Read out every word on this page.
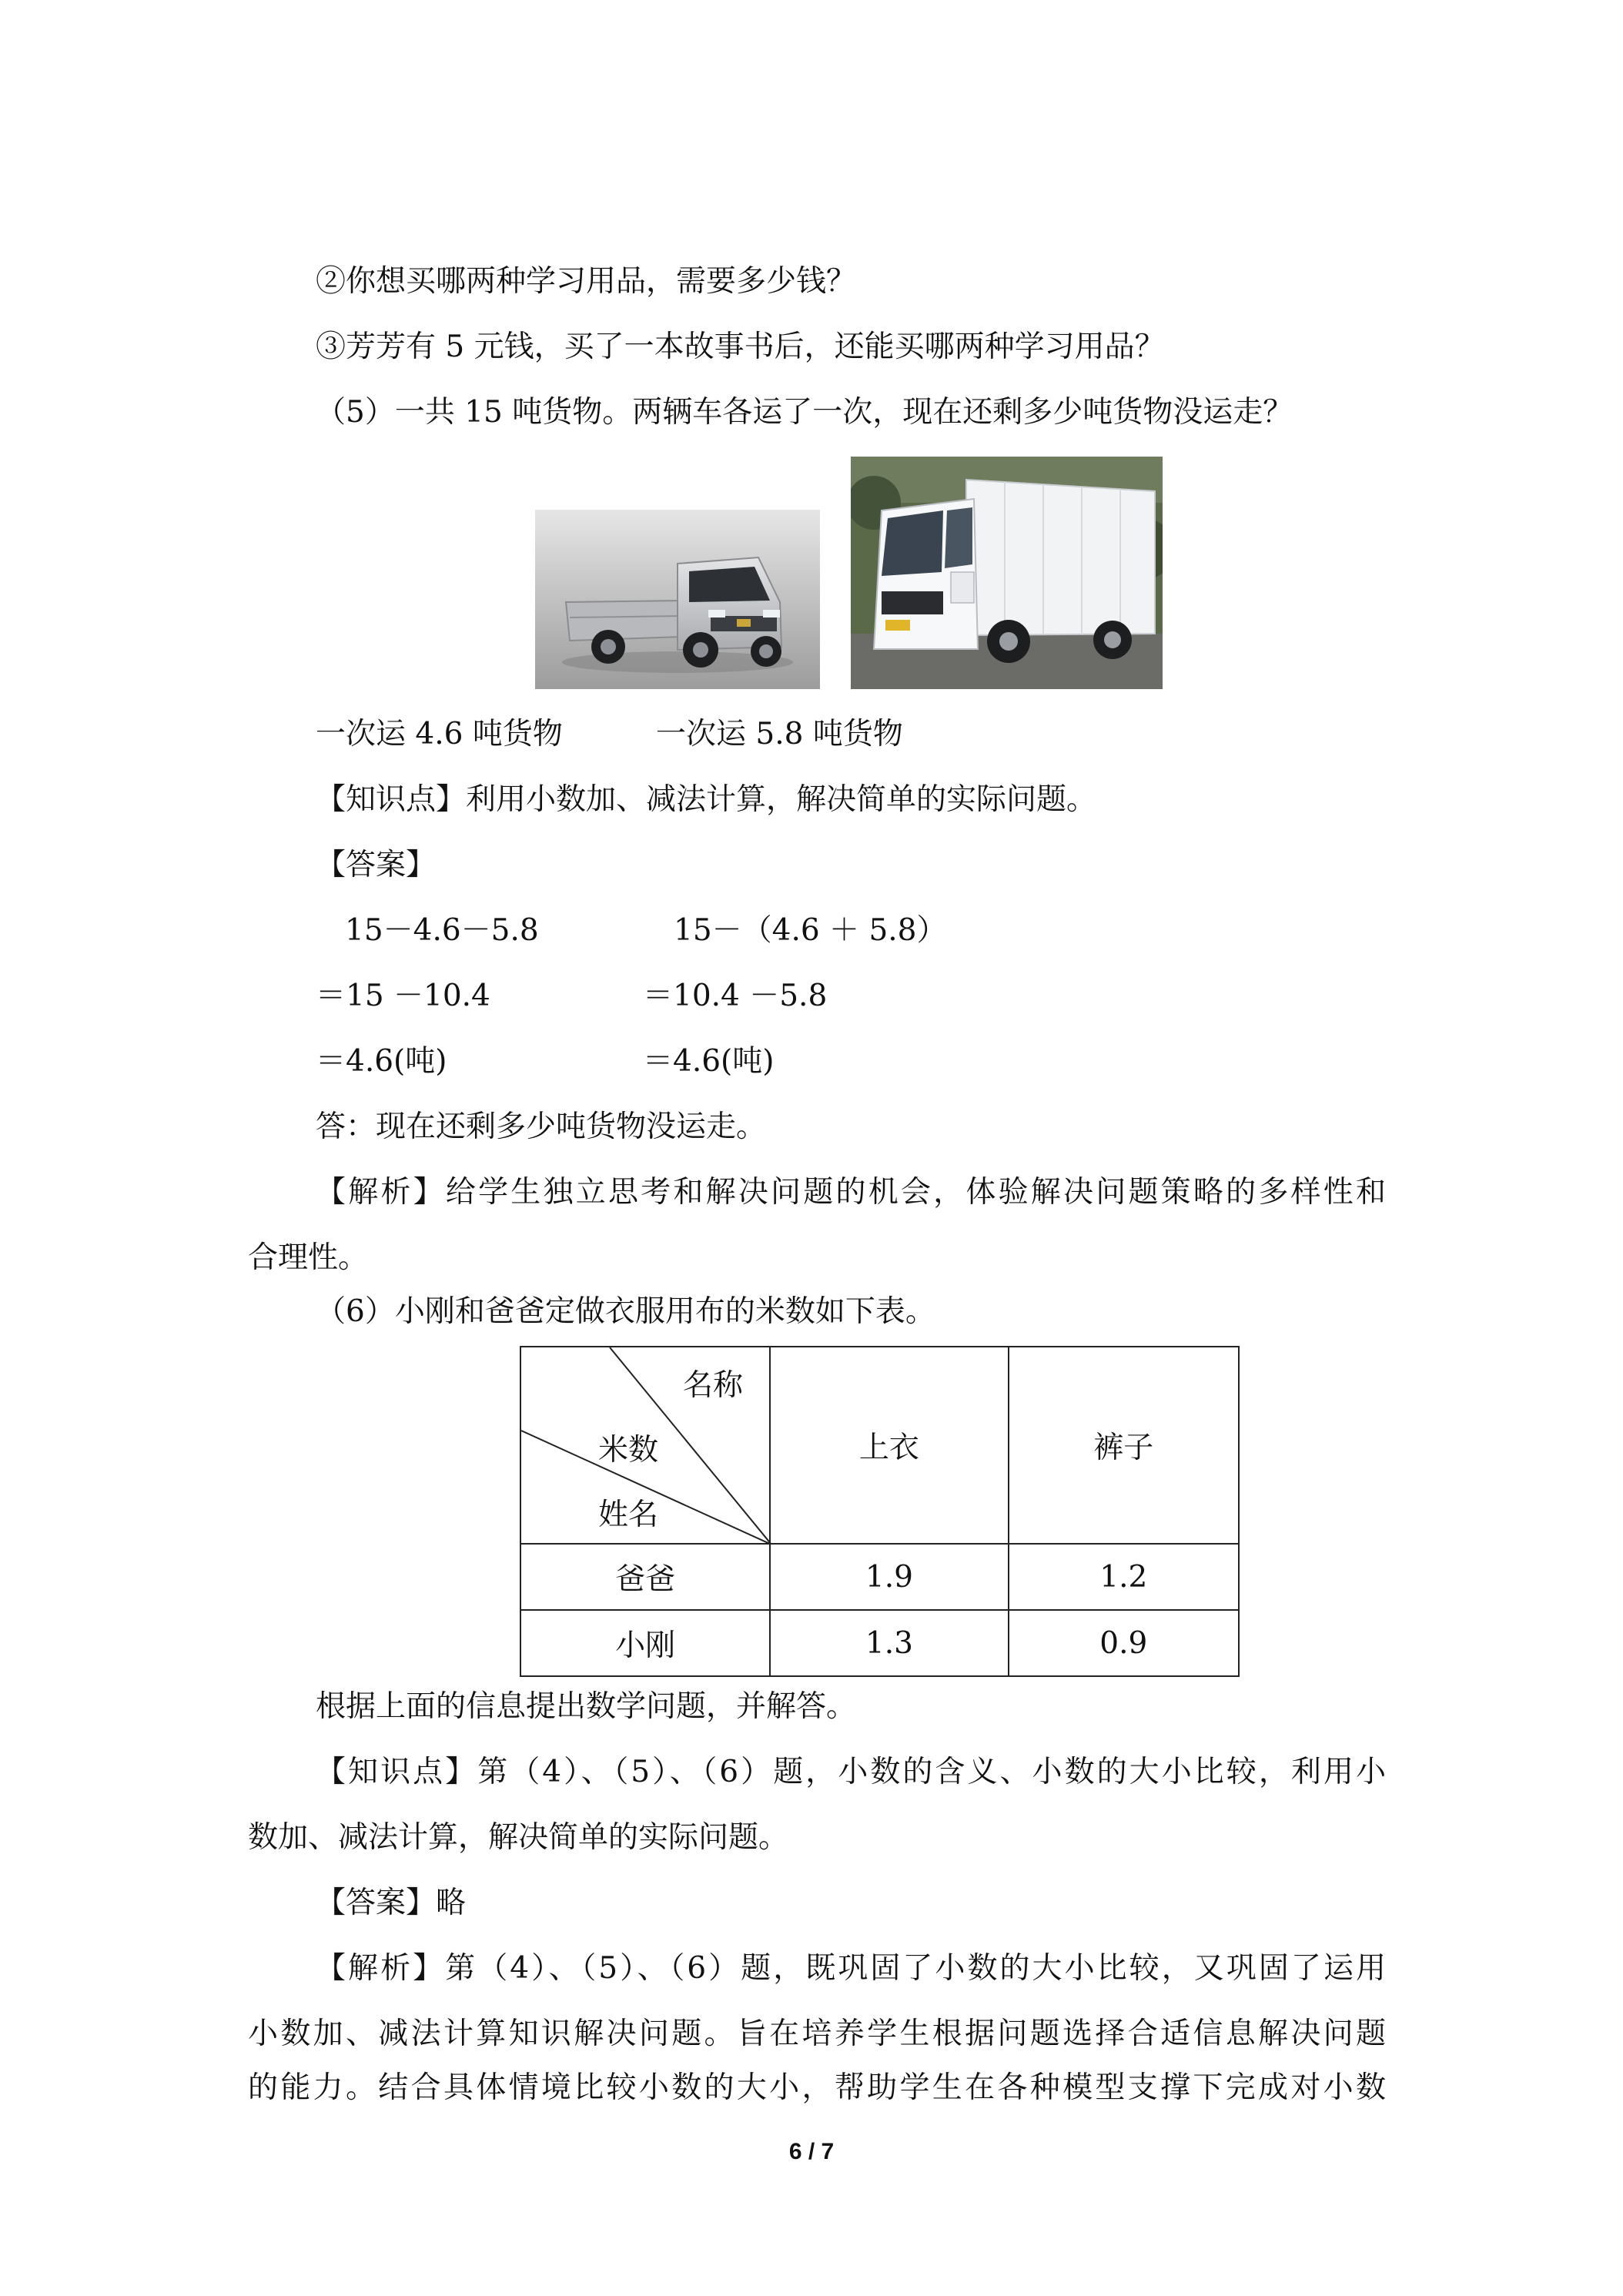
②你想买哪两种学习用品，需要多少钱？
③芳芳有 5 元钱，买了一本故事书后，还能买哪两种学习用品？
（5）一共 15 吨货物。两辆车各运了一次，现在还剩多少吨货物没运走？
一次运 4.6 吨货物	一次运 5.8 吨货物
【知识点】利用小数加、减法计算，解决简单的实际问题。
【答案】
15－4.6－5.8	15－（4.6 ＋ 5.8）
＝15 －10.4	＝10.4 －5.8
＝4.6(吨)	＝4.6(吨)
答：现在还剩多少吨货物没运走。
【解析】给学生独立思考和解决问题的机会，体验解决问题策略的多样性和
合理性。
（6）小刚和爸爸定做衣服用布的米数如下表。
名称
米数
姓名	上衣	裤子
爸爸	1.9	1.2
小刚	1.3	0.9
根据上面的信息提出数学问题，并解答。
【知识点】第（4）、（5）、（6）题，小数的含义、小数的大小比较，利用小
数加、减法计算，解决简单的实际问题。
【答案】略
【解析】第（4）、（5）、（6）题，既巩固了小数的大小比较，又巩固了运用
小数加、减法计算知识解决问题。旨在培养学生根据问题选择合适信息解决问题
的能力。结合具体情境比较小数的大小，帮助学生在各种模型支撑下完成对小数
6 / 7
